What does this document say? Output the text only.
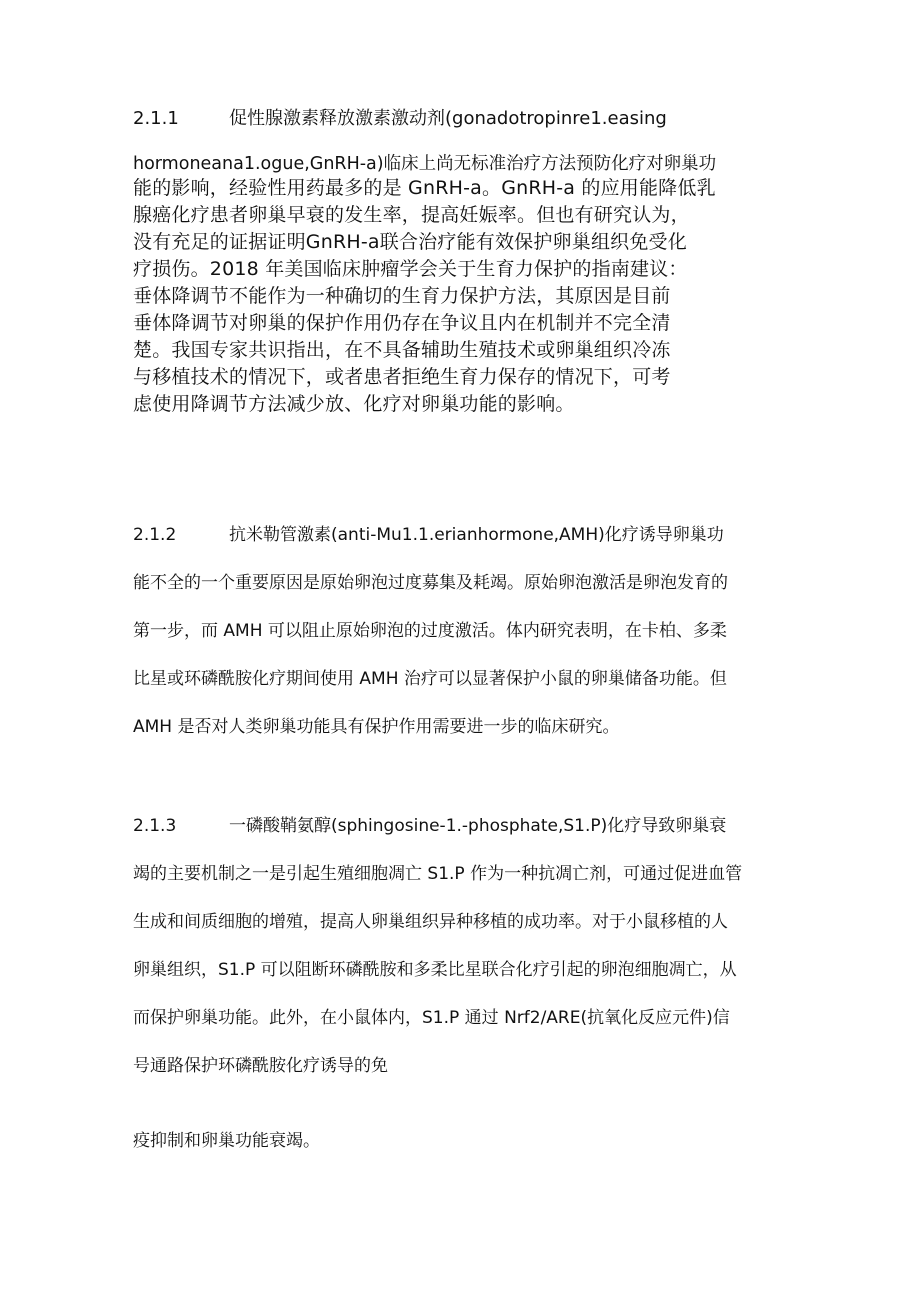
2.1.1	促性腺激素释放激素激动剂(gonadotropinre1.easing
hormoneana1.ogue,GnRH-a)临床上尚无标准治疗方法预防化疗对卵巢功
能的影响，经验性用药最多的是 GnRH-a。GnRH-a 的应用能降低乳
腺癌化疗患者卵巢早衰的发生率，提高妊娠率。但也有研究认为，
没有充足的证据证明GnRH-a联合治疗能有效保护卵巢组织免受化
疗损伤。2018 年美国临床肿瘤学会关于生育力保护的指南建议：
垂体降调节不能作为一种确切的生育力保护方法，其原因是目前
垂体降调节对卵巢的保护作用仍存在争议且内在机制并不完全清
楚。我国专家共识指出，在不具备辅助生殖技术或卵巢组织冷冻
与移植技术的情况下，或者患者拒绝生育力保存的情况下，可考
虑使用降调节方法减少放、化疗对卵巢功能的影响。
2.1.2	抗米勒管激素(anti-Mu1.1.erianhormone,AMH)化疗诱导卵巢功
能不全的一个重要原因是原始卵泡过度募集及耗竭。原始卵泡激活是卵泡发育的
第一步，而 AMH 可以阻止原始卵泡的过度激活。体内研究表明，在卡柏、多柔
比星或环磷酰胺化疗期间使用 AMH 治疗可以显著保护小鼠的卵巢储备功能。但
AMH 是否对人类卵巢功能具有保护作用需要进一步的临床研究。
2.1.3	一磷酸鞘氨醇(sphingosine-1.-phosphate,S1.P)化疗导致卵巢衰
竭的主要机制之一是引起生殖细胞凋亡 S1.P 作为一种抗凋亡剂，可通过促进血管
生成和间质细胞的增殖，提高人卵巢组织异种移植的成功率。对于小鼠移植的人
卵巢组织，S1.P 可以阻断环磷酰胺和多柔比星联合化疗引起的卵泡细胞凋亡，从
而保护卵巢功能。此外，在小鼠体内，S1.P 通过 Nrf2/ARE(抗氧化反应元件)信
号通路保护环磷酰胺化疗诱导的免
疫抑制和卵巢功能衰竭。
